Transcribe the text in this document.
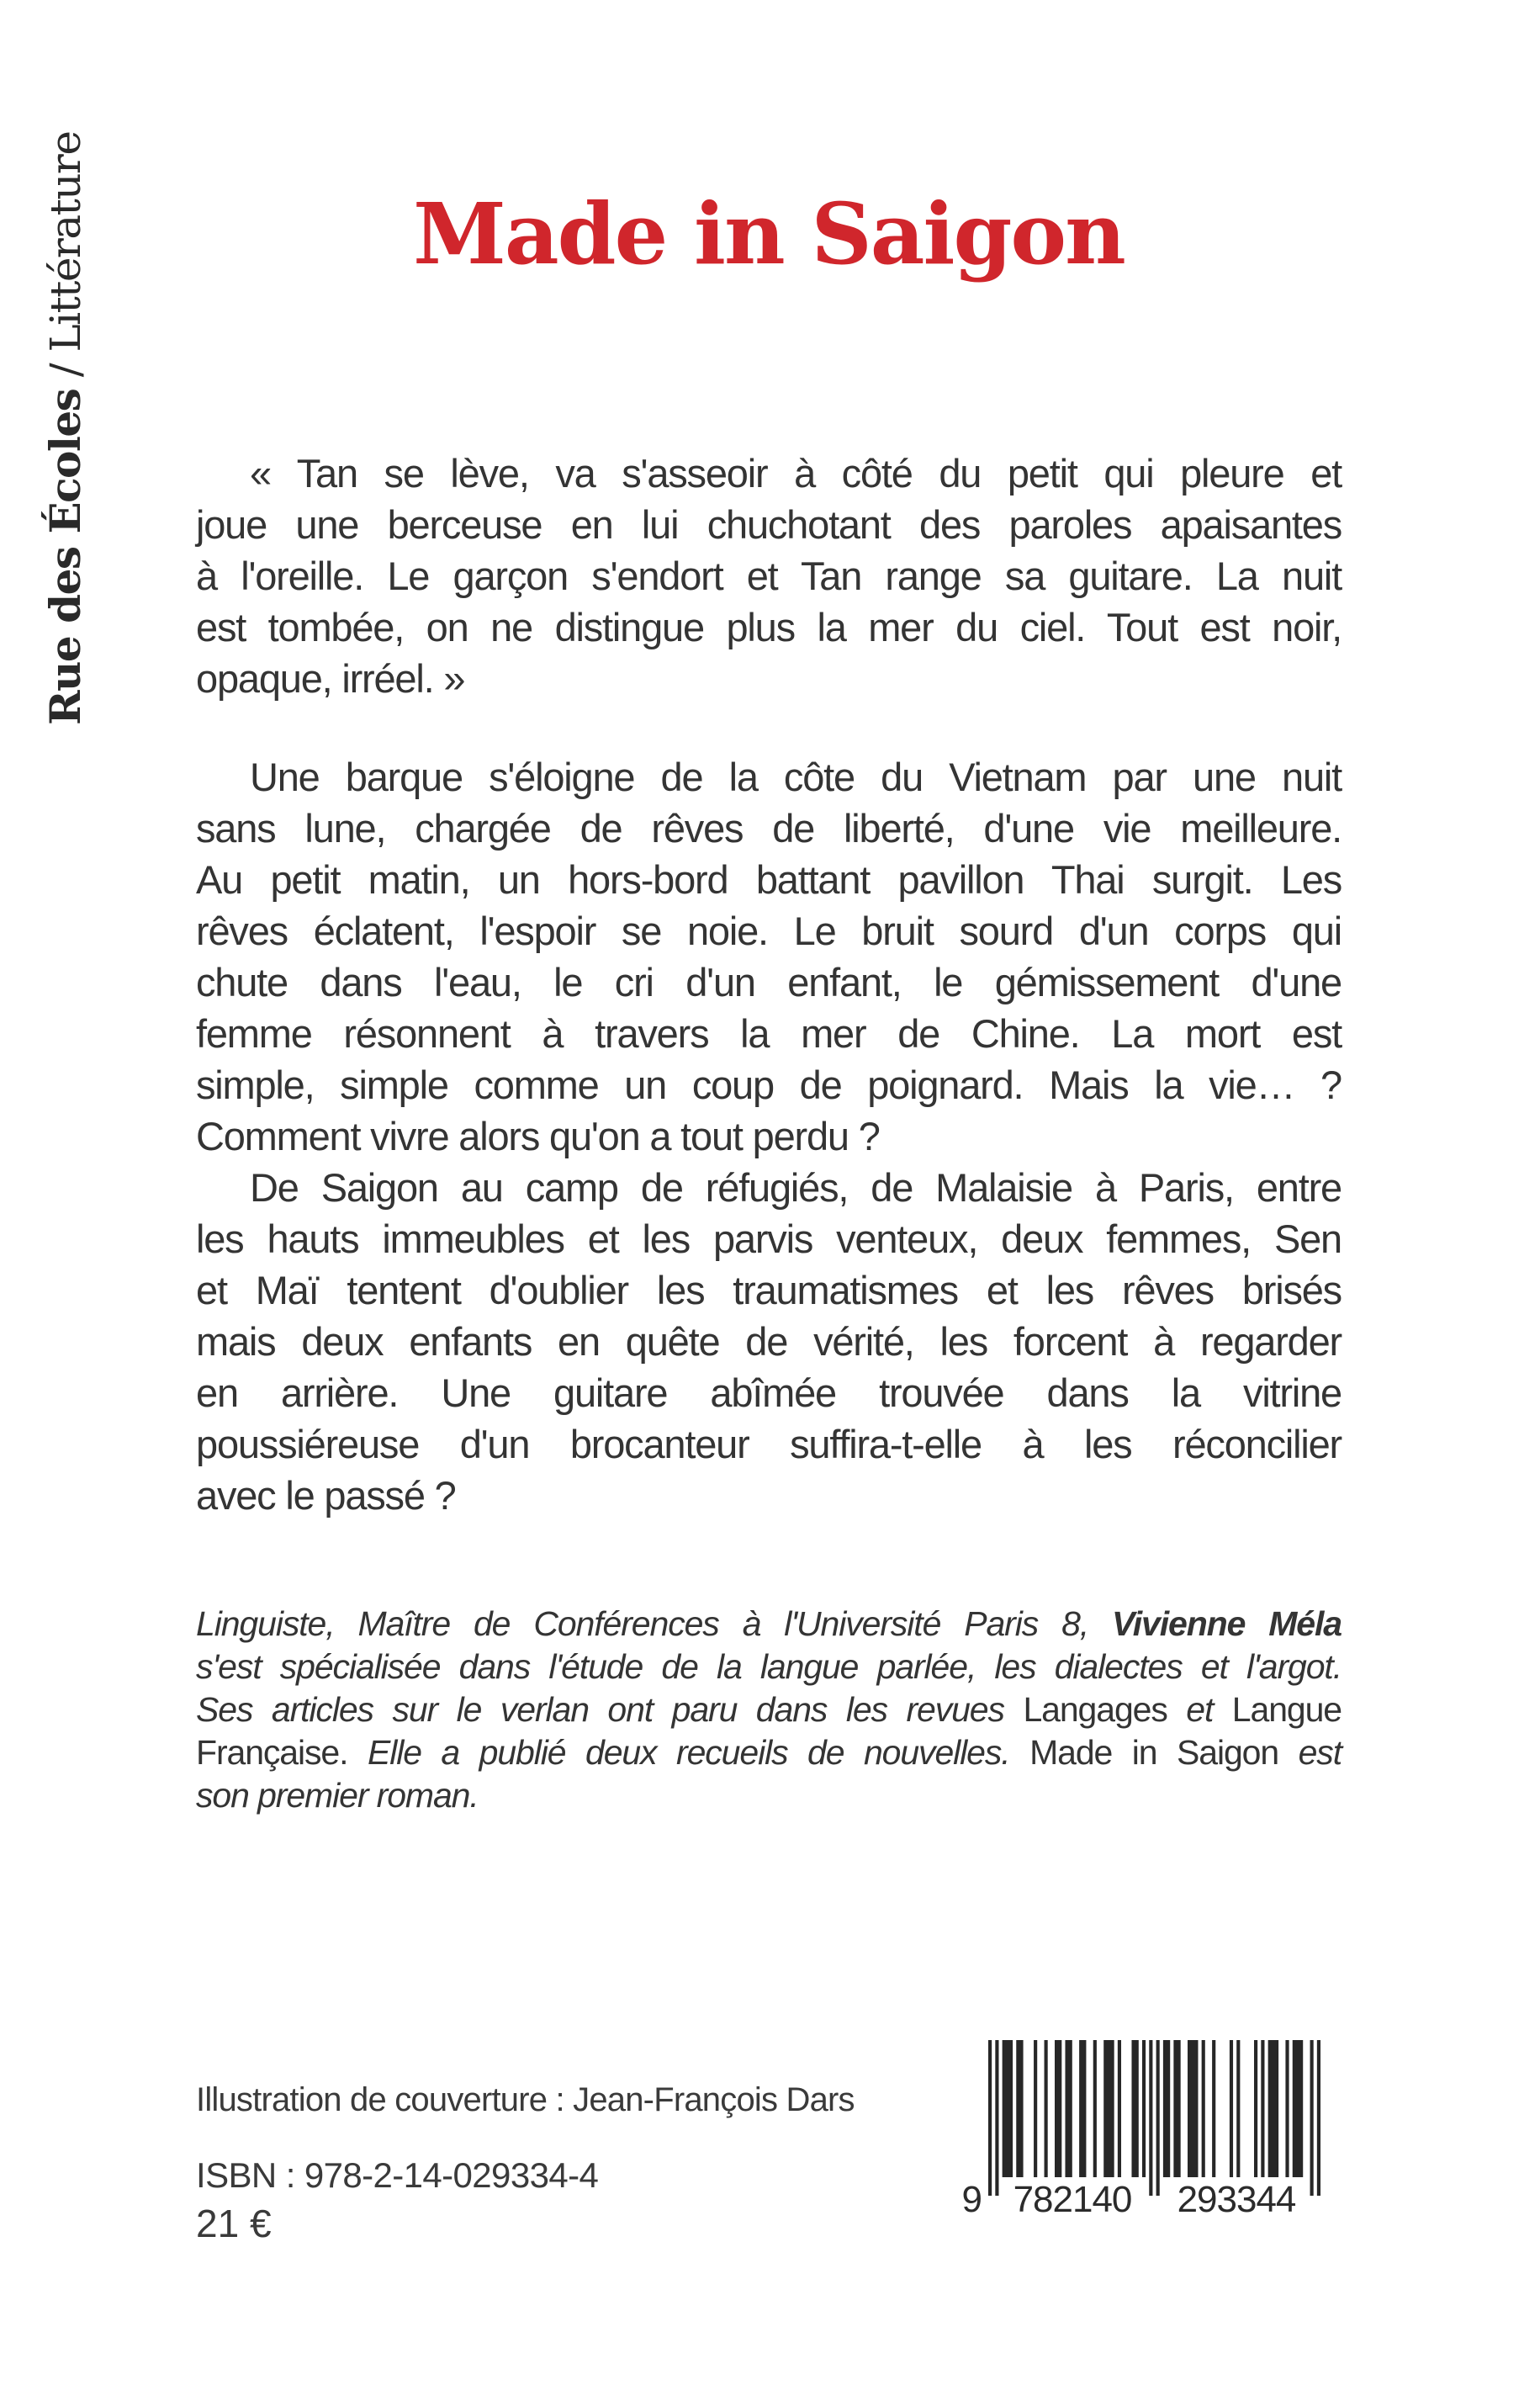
Rue des Écoles / Littérature	Made in Saigon
« Tan se lève, va s'asseoir à côté du petit qui pleure et
joue une berceuse en lui chuchotant des paroles apaisantes
à l'oreille. Le garçon s'endort et Tan range sa guitare. La nuit
est tombée, on ne distingue plus la mer du ciel. Tout est noir,
opaque, irréel. »
Une barque s'éloigne de la côte du Vietnam par une nuit
sans lune, chargée de rêves de liberté, d'une vie meilleure.
Au petit matin, un hors-bord battant pavillon Thai surgit. Les
rêves éclatent, l'espoir se noie. Le bruit sourd d'un corps qui
chute dans l'eau, le cri d'un enfant, le gémissement d'une
femme résonnent à travers la mer de Chine. La mort est
simple, simple comme un coup de poignard. Mais la vie… ?
Comment vivre alors qu'on a tout perdu ?
De Saigon au camp de réfugiés, de Malaisie à Paris, entre
les hauts immeubles et les parvis venteux, deux femmes, Sen
et Maï tentent d'oublier les traumatismes et les rêves brisés
mais deux enfants en quête de vérité, les forcent à regarder
en arrière. Une guitare abîmée trouvée dans la vitrine
poussiéreuse d'un brocanteur suffira-t-elle à les réconcilier
avec le passé ?
Linguiste, Maître de Conférences à l'Université Paris 8, Vivienne Méla
s'est spécialisée dans l'étude de la langue parlée, les dialectes et l'argot.
Ses articles sur le verlan ont paru dans les revues Langages et Langue
Française. Elle a publié deux recueils de nouvelles. Made in Saigon est
son premier roman.
Illustration de couverture : Jean-François Dars
ISBN : 978-2-14-029334-4
21 €
9 782140 293344
